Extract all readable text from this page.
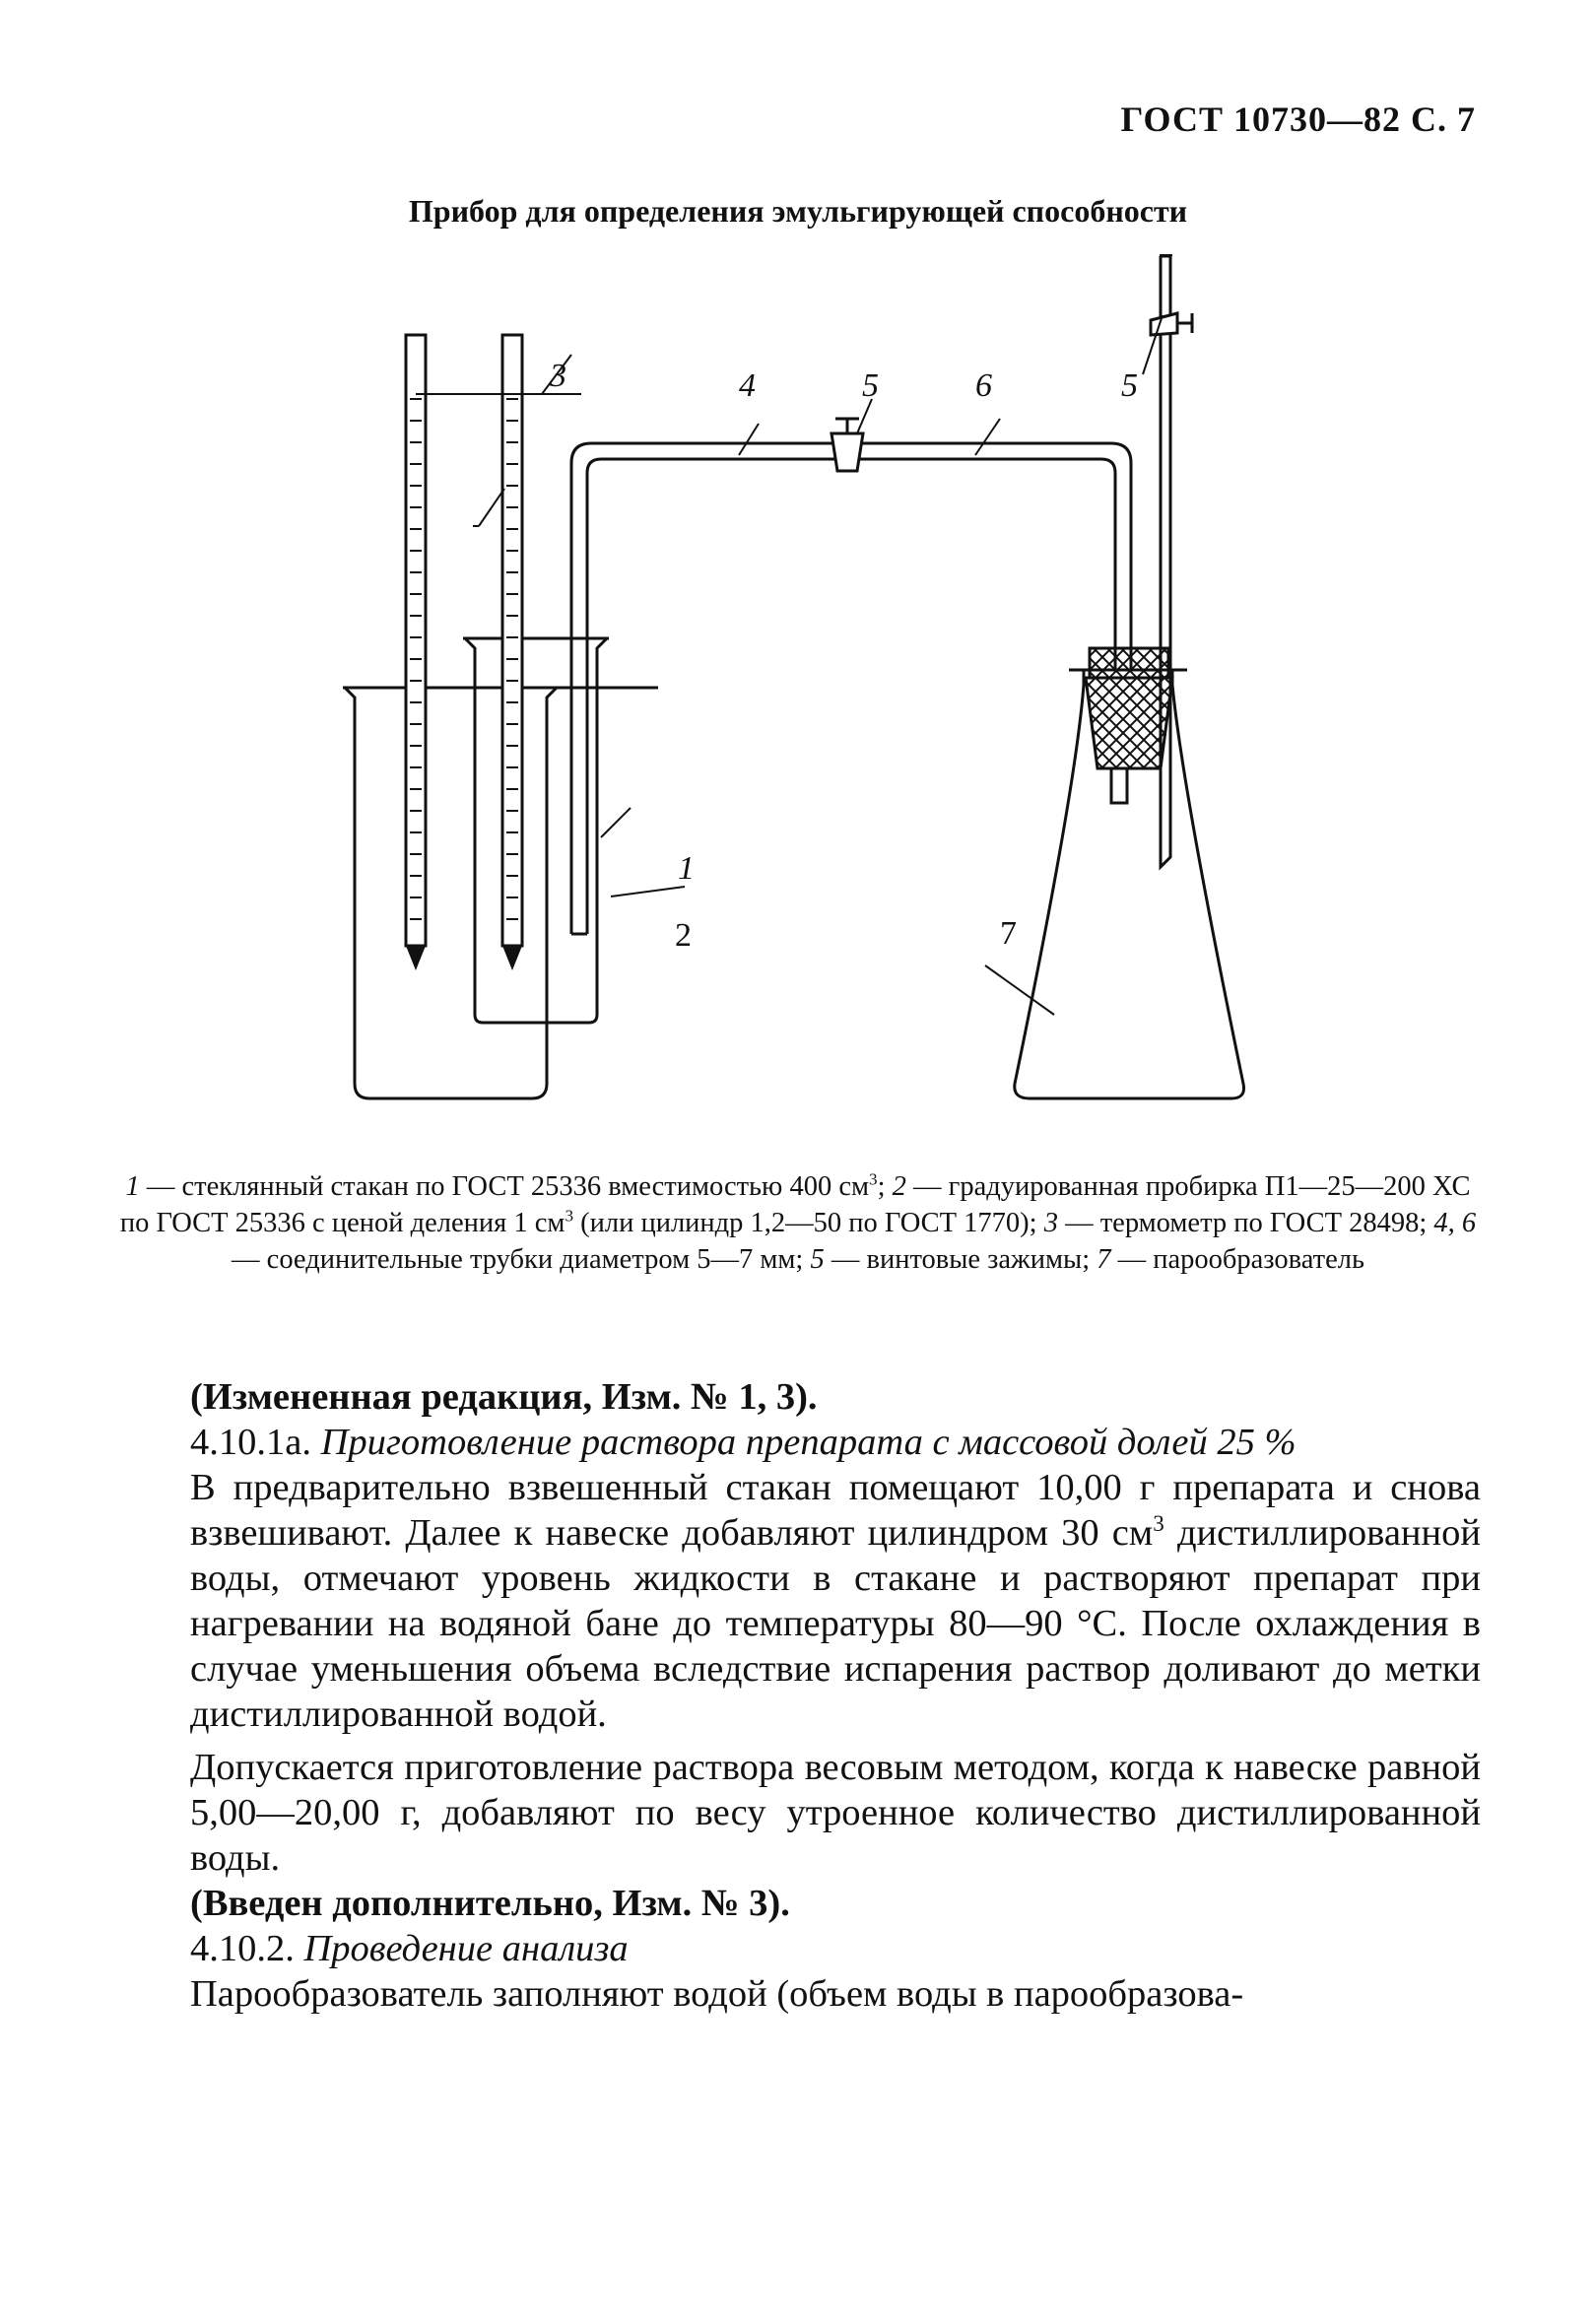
ГОСТ 10730—82 С. 7
Прибор для определения эмульгирующей способности
3	4	5	6	5
1
2	7
1 — стеклянный стакан по ГОСТ 25336 вместимостью 400 $см^3$; 2 — градуированная пробирка П1—25—200 ХС по ГОСТ 25336 с ценой деления 1 $см^3$ (или цилиндр 1,2—50 по ГОСТ 1770); 3 — термометр по ГОСТ 28498; 4, 6 — соединительные трубки диаметром 5—7 мм; 5 — винтовые зажимы; 7 — парообразователь

(Измененная редакция, Изм. № 1, 3).

4.10.1а. Приготовление раствора препарата с массовой долей 25 %

В предварительно взвешенный стакан помещают 10,00 г препарата и снова взвешивают. Далее к навеске добавляют цилиндром 30 $см^3$ дистиллированной воды, отмечают уровень жидкости в стакане и растворяют препарат при нагревании на водяной бане до температуры 80—90 °С. После охлаждения в случае уменьшения объема вследствие испарения раствор доливают до метки дистиллированной водой.

Допускается приготовление раствора весовым методом, когда к навеске равной 5,00—20,00 г, добавляют по весу утроенное количество дистиллированной воды.

(Введен дополнительно, Изм. № 3).

4.10.2. Проведение анализа

Парообразователь заполняют водой (объем воды в парообразова-
